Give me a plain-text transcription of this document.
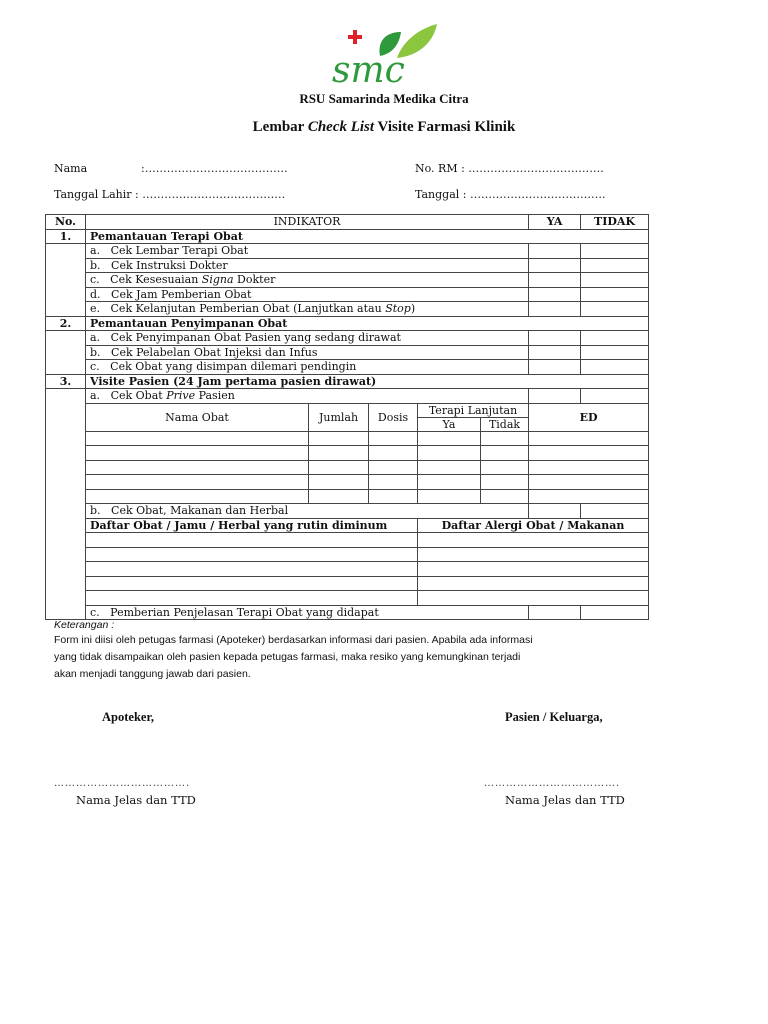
smc
RSU Samarinda Medika Citra
Lembar Check List Visite Farmasi Klinik
Nama	:…………………………………	No. RM : ……………………………….
Tanggal Lahir : …………………………………	Tanggal : ……………………………….
No.	INDIKATOR					YA	TIDAK
1.	Pemantauan Terapi Obat						
	a. Cek Lembar Terapi Obat						
	b. Cek Instruksi Dokter						
	c. Cek Kesesuaian Signa Dokter						
	d. Cek Jam Pemberian Obat						
	e. Cek Kelanjutan Pemberian Obat (Lanjutkan atau Stop)						
2.	Pemantauan Penyimpanan Obat						
	a. Cek Penyimpanan Obat Pasien yang sedang dirawat						
	b. Cek Pelabelan Obat Injeksi dan Infus						
	c. Cek Obat yang disimpan dilemari pendingin						
3.	Visite Pasien (24 Jam pertama pasien dirawat)						
	a. Cek Obat Prive Pasien						
	Nama Obat	Jumlah	Dosis	Terapi Lanjutan		ED	
				Ya	Tidak		

	b. Cek Obat, Makanan dan Herbal						
	Daftar Obat / Jamu / Herbal yang rutin diminum			Daftar Alergi Obat / Makanan			

	c. Pemberian Penjelasan Terapi Obat yang didapat						
Keterangan :
Form ini diisi oleh petugas farmasi (Apoteker) berdasarkan informasi dari pasien. Apabila ada informasi
yang tidak disampaikan oleh pasien kepada petugas farmasi, maka resiko yang kemungkinan terjadi
akan menjadi tanggung jawab dari pasien.
Apoteker,	Pasien / Keluarga,
……………………………….	……………………………….
Nama Jelas dan TTD	Nama Jelas dan TTD
